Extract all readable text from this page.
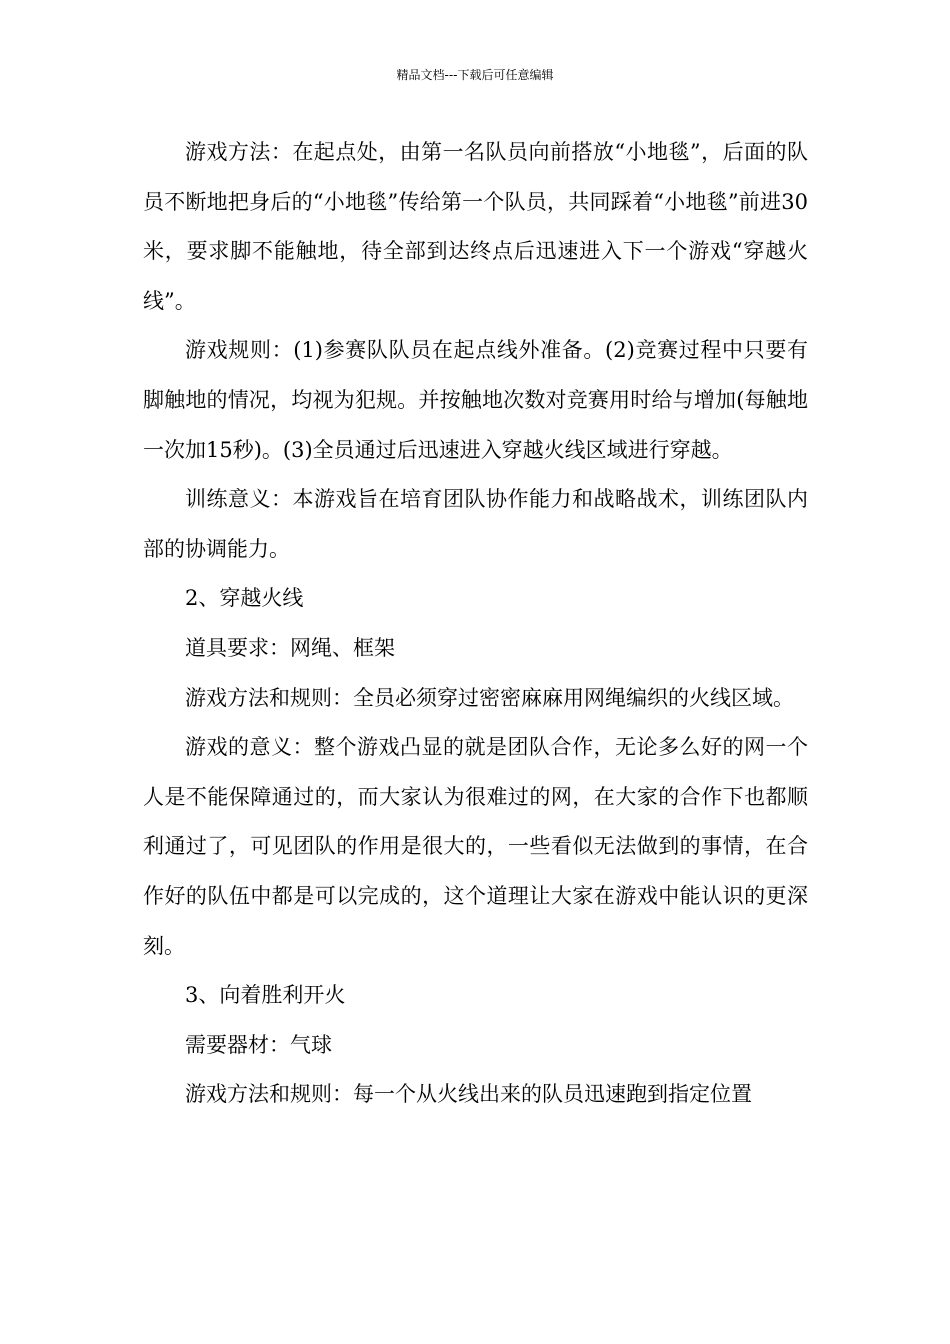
精品文档---下载后可任意编辑

游戏方法：在起点处，由第一名队员向前搭放“小地毯”，后面的队员不断地把身后的“小地毯”传给第一个队员，共同踩着“小地毯”前进30米，要求脚不能触地，待全部到达终点后迅速进入下一个游戏“穿越火线”。

游戏规则：(1)参赛队队员在起点线外准备。(2)竞赛过程中只要有脚触地的情况，均视为犯规。并按触地次数对竞赛用时给与增加(每触地一次加15秒)。(3)全员通过后迅速进入穿越火线区域进行穿越。

训练意义：本游戏旨在培育团队协作能力和战略战术，训练团队内部的协调能力。

2、穿越火线

道具要求：网绳、框架

游戏方法和规则：全员必须穿过密密麻麻用网绳编织的火线区域。

游戏的意义：整个游戏凸显的就是团队合作，无论多么好的网一个人是不能保障通过的，而大家认为很难过的网，在大家的合作下也都顺利通过了，可见团队的作用是很大的，一些看似无法做到的事情，在合作好的队伍中都是可以完成的，这个道理让大家在游戏中能认识的更深刻。

3、向着胜利开火

需要器材：气球

游戏方法和规则：每一个从火线出来的队员迅速跑到指定位置
